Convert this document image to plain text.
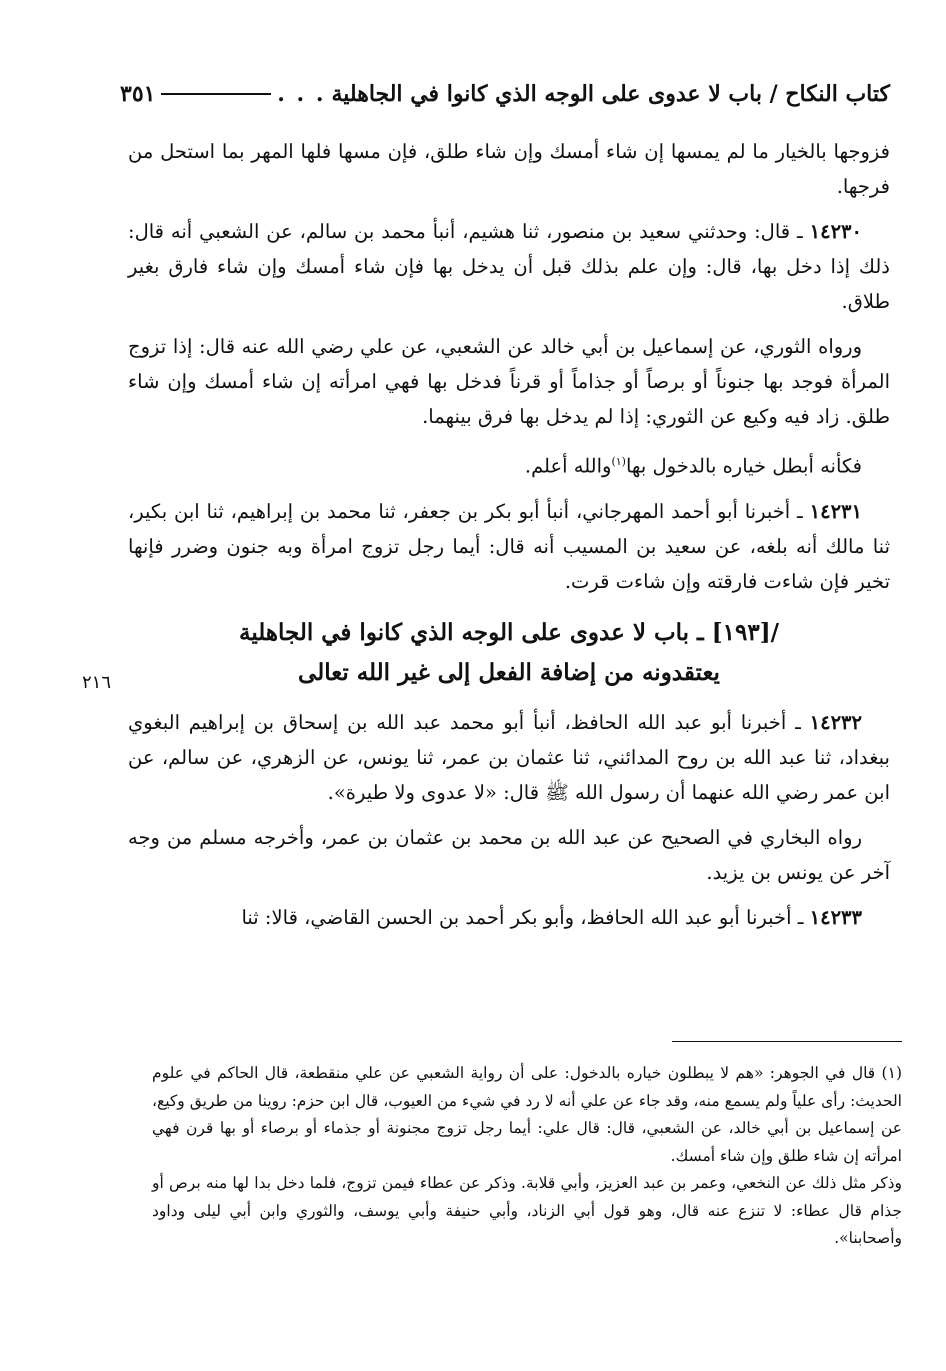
كتاب النكاح / باب لا عدوى على الوجه الذي كانوا في الجاهلية
. . .
٣٥١

فزوجها بالخيار ما لم يمسها إن شاء أمسك وإن شاء طلق، فإن مسها فلها المهر بما استحل من فرجها.

١٤٢٣٠ ـ قال: وحدثني سعيد بن منصور، ثنا هشيم، أنبأ محمد بن سالم، عن الشعبي أنه قال: ذلك إذا دخل بها، قال: وإن علم بذلك قبل أن يدخل بها فإن شاء أمسك وإن شاء فارق بغير طلاق.

ورواه الثوري، عن إسماعيل بن أبي خالد عن الشعبي، عن علي رضي الله عنه قال: إذا تزوج المرأة فوجد بها جنوناً أو برصاً أو جذاماً أو قرناً فدخل بها فهي امرأته إن شاء أمسك وإن شاء طلق. زاد فيه وكيع عن الثوري: إذا لم يدخل بها فرق بينهما.

فكأنه أبطل خياره بالدخول بها$^{(١)}$والله أعلم.

١٤٢٣١ ـ أخبرنا أبو أحمد المهرجاني، أنبأ أبو بكر بن جعفر، ثنا محمد بن إبراهيم، ثنا ابن بكير، ثنا مالك أنه بلغه، عن سعيد بن المسيب أنه قال: أيما رجل تزوج امرأة وبه جنون وضرر فإنها تخير فإن شاءت فارقته وإن شاءت قرت.

/[١٩٣] ـ باب لا عدوى على الوجه الذي كانوا في الجاهلية
يعتقدونه من إضافة الفعل إلى غير الله تعالى

١٤٢٣٢ ـ أخبرنا أبو عبد الله الحافظ، أنبأ أبو محمد عبد الله بن إسحاق بن إبراهيم البغوي ببغداد، ثنا عبد الله بن روح المدائني، ثنا عثمان بن عمر، ثنا يونس، عن الزهري، عن سالم، عن ابن عمر رضي الله عنهما أن رسول الله ﷺ قال: «لا عدوى ولا طيرة».

رواه البخاري في الصحيح عن عبد الله بن محمد بن عثمان بن عمر، وأخرجه مسلم من وجه آخر عن يونس بن يزيد.

١٤٢٣٣ ـ أخبرنا أبو عبد الله الحافظ، وأبو بكر أحمد بن الحسن القاضي، قالا: ثنا

٢١٦

(١) قال في الجوهر: «هم لا يبطلون خياره بالدخول: على أن رواية الشعبي عن علي منقطعة، قال الحاكم في علوم الحديث: رأى علياً ولم يسمع منه، وقد جاء عن علي أنه لا رد في شيء من العيوب، قال ابن حزم: روينا من طريق وكيع، عن إسماعيل بن أبي خالد، عن الشعبي، قال: قال علي: أيما رجل تزوج مجنونة أو جذماء أو برصاء أو بها قرن فهي امرأته إن شاء طلق وإن شاء أمسك.

وذكر مثل ذلك عن النخعي، وعمر بن عبد العزيز، وأبي قلابة. وذكر عن عطاء فيمن تزوج، فلما دخل بدا لها منه برص أو جذام قال عطاء: لا تنزع عنه قال، وهو قول أبي الزناد، وأبي حنيفة وأبي يوسف، والثوري وابن أبي ليلى وداود وأصحابنا».
